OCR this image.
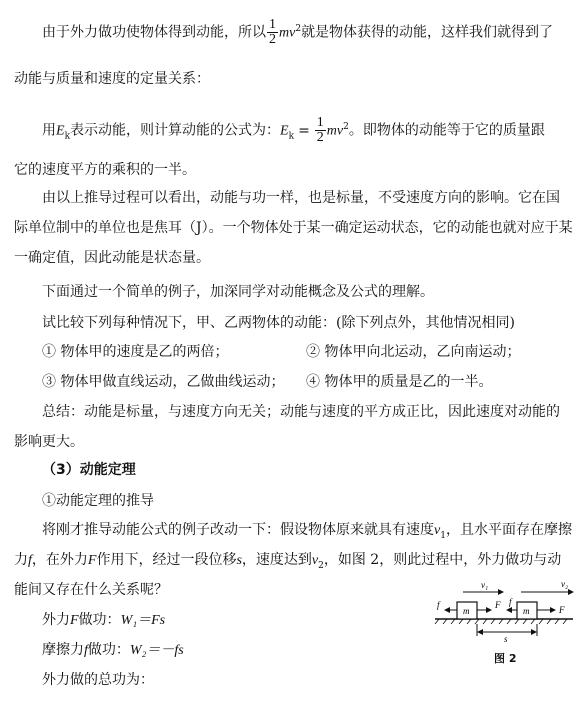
由于外力做功使物体得到动能，所以 $\frac{1}{2} mv^2$就是物体获得的动能，这样我们就得到了
动能与质量和速度的定量关系：
用$E_k$表示动能，则计算动能的公式为：$E_k = \frac{1}{2} mv^2$。即物体的动能等于它的质量跟
它的速度平方的乘积的一半。
由以上推导过程可以看出，动能与功一样，也是标量，不受速度方向的影响。它在国
际单位制中的单位也是焦耳（J）。一个物体处于某一确定运动状态，它的动能也就对应于某
一确定值，因此动能是状态量。
下面通过一个简单的例子，加深同学对动能概念及公式的理解。
试比较下列每种情况下，甲、乙两物体的动能：(除下列点外，其他情况相同)
① 物体甲的速度是乙的两倍；	② 物体甲向北运动，乙向南运动；
③ 物体甲做直线运动，乙做曲线运动； ④ 物体甲的质量是乙的一半。
总结：动能是标量，与速度方向无关；动能与速度的平方成正比，因此速度对动能的
影响更大。
（3）动能定理
①动能定理的推导
将刚才推导动能公式的例子改动一下：假设物体原来就具有速度$v_1$，且水平面存在摩擦
力f，在外力F作用下，经过一段位移s，速度达到$v_2$，如图 2，则此过程中，外力做功与动
能间又存在什么关系呢？
外力F做功：W₁＝Fs
摩擦力f做功：W₂＝－fs
外力做的总功为：
m	m
f	F f
F
v₁	v₂
s
图 2
